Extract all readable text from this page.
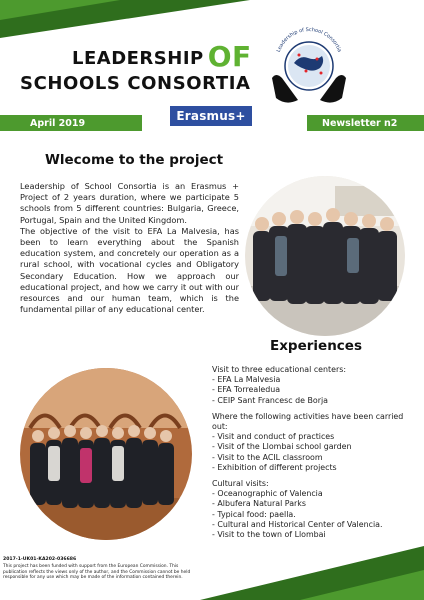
LEADERSHIP OF
SCHOOLS CONSORTIA
Leadership of School Consortia
April 2019	Newsletter n2
Erasmus+
Wlecome to the project

Leadership of School Consortia is an Erasmus + Project of 2 years duration, where we participate 5 schools from 5 different countries: Bulgaria, Greece, Portugal, Spain and the United Kingdom.

The objective of the visit to EFA La Malvesia, has been to learn everything about the Spanish education system, and concretely our operation as a rural school, with vocational cycles and Obligatory Secondary Education. How we approach our educational project, and how we carry it out with our resources and our human team, which is the fundamental pillar of any educational center.

Experiences
Visit to three educational centers:
- EFA La Malvesia
- EFA Torrealedua
- CEIP Sant Francesc de Borja
Where the following activities have been carried out:
- Visit and conduct of practices
- Visit of the Llombai school garden
- Visit to the ACIL classroom
- Exhibition of different projects
Cultural visits:
- Oceanographic of Valencia
- Albufera Natural Parks
- Typical food: paella.
- Cultural and Historical Center of Valencia.
- Visit to the town of Llombai
2017-1-UK01-KA202-036686
This project has been funded with support from the European Commission. This publication reflects the views only of the author, and the Commission cannot be held responsible for any use which may be made of the information contained therein.
